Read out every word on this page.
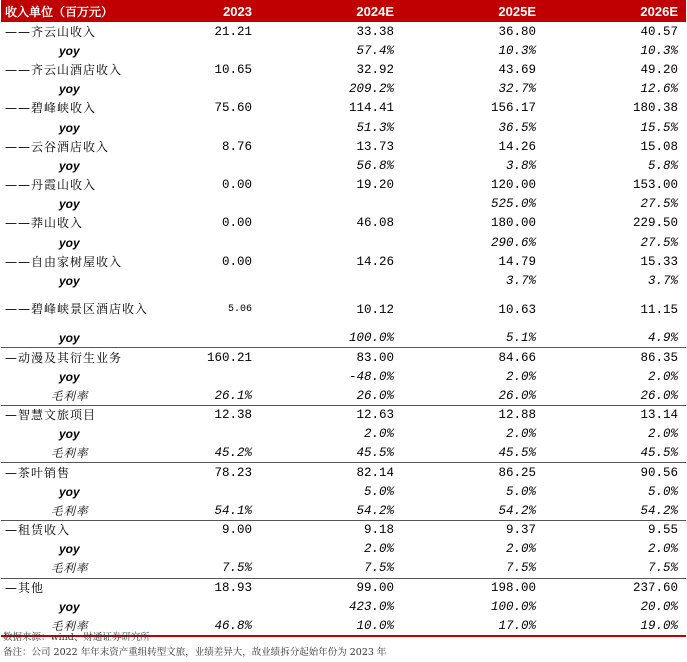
收入单位（百万元）	2023	2024E	2025E	2026E
——齐云山收入	21.21	33.38	36.80	40.57
yoy		57.4%	10.3%	10.3%
——齐云山酒店收入	10.65	32.92	43.69	49.20
yoy		209.2%	32.7%	12.6%
——碧峰峡收入	75.60	114.41	156.17	180.38
yoy		51.3%	36.5%	15.5%
——云谷酒店收入	8.76	13.73	14.26	15.08
yoy		56.8%	3.8%	5.8%
——丹霞山收入	0.00	19.20	120.00	153.00
yoy			525.0%	27.5%
——莽山收入	0.00	46.08	180.00	229.50
yoy			290.6%	27.5%
——自由家树屋收入	0.00	14.26	14.79	15.33
yoy			3.7%	3.7%
——碧峰峡景区酒店收入	5.06	10.12	10.63	11.15
yoy		100.0%	5.1%	4.9%
—动漫及其衍生业务	160.21	83.00	84.66	86.35
yoy		-48.0%	2.0%	2.0%
毛利率	26.1%	26.0%	26.0%	26.0%
—智慧文旅项目	12.38	12.63	12.88	13.14
yoy		2.0%	2.0%	2.0%
毛利率	45.2%	45.5%	45.5%	45.5%
—茶叶销售	78.23	82.14	86.25	90.56
yoy		5.0%	5.0%	5.0%
毛利率	54.1%	54.2%	54.2%	54.2%
—租赁收入	9.00	9.18	9.37	9.55
yoy		2.0%	2.0%	2.0%
毛利率	7.5%	7.5%	7.5%	7.5%
—其他	18.93	99.00	198.00	237.60
yoy		423.0%	100.0%	20.0%
毛利率	46.8%	10.0%	17.0%	19.0%

数据来源：wind、财通证券研究所
备注：公司 2022 年年末资产重组转型文旅，业绩差异大，故业绩拆分起始年份为 2023 年
